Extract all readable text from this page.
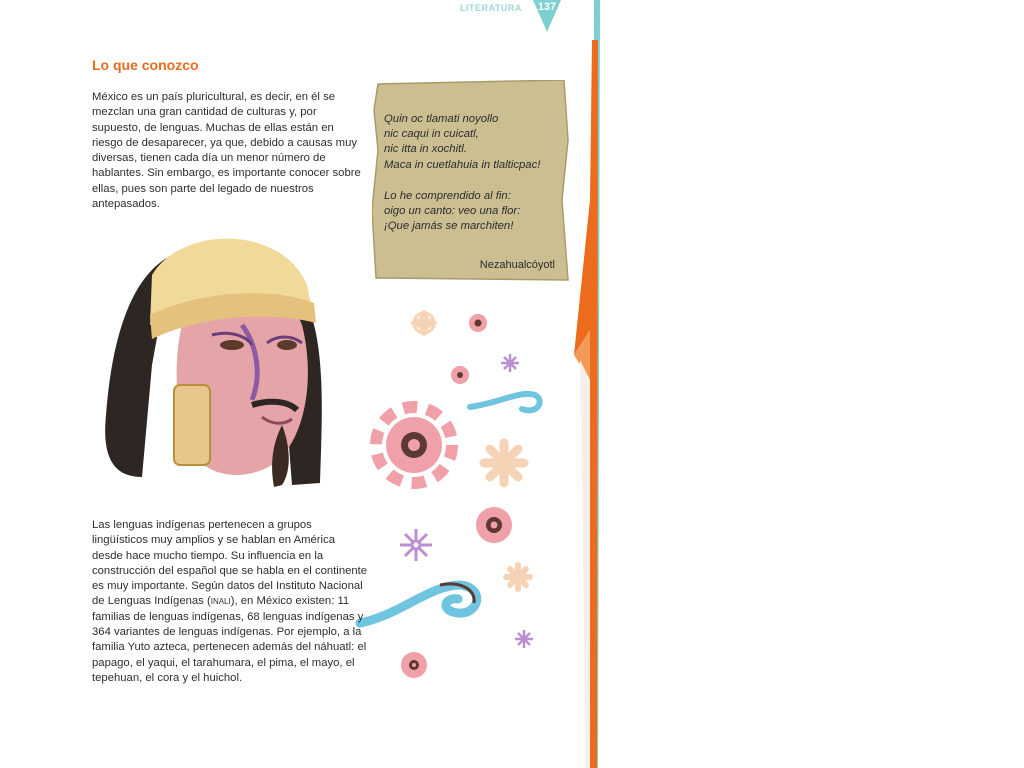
LITERATURA	137
Lo que conozco

México es un país pluricultural, es decir, en él se mezclan una gran cantidad de culturas y, por supuesto, de lenguas. Muchas de ellas están en riesgo de desaparecer, ya que, debido a causas muy diversas, tienen cada día un menor número de hablantes. Sin embargo, es importante conocer sobre ellas, pues son parte del legado de nuestros antepasados.

Quin oc tlamati noyollo
nic caqui in cuicatl,
nic itta in xochitl.
Maca in cuetlahuia in tlalticpac!

Lo he comprendido al fin:
oigo un canto: veo una flor:
¡Que jamás se marchiten!

Nezahualcóyotl

Las lenguas indígenas pertenecen a grupos lingüísticos muy amplios y se hablan en América desde hace mucho tiempo. Su influencia en la construcción del español que se habla en el continente es muy importante. Según datos del Instituto Nacional de Lenguas Indígenas (INALI), en México existen: 11 familias de lenguas indígenas, 68 lenguas indígenas y 364 variantes de lenguas indígenas. Por ejemplo, a la familia Yuto azteca, pertenecen además del náhuatl: el papago, el yaqui, el tarahumara, el pima, el mayo, el tepehuan, el cora y el huichol.
